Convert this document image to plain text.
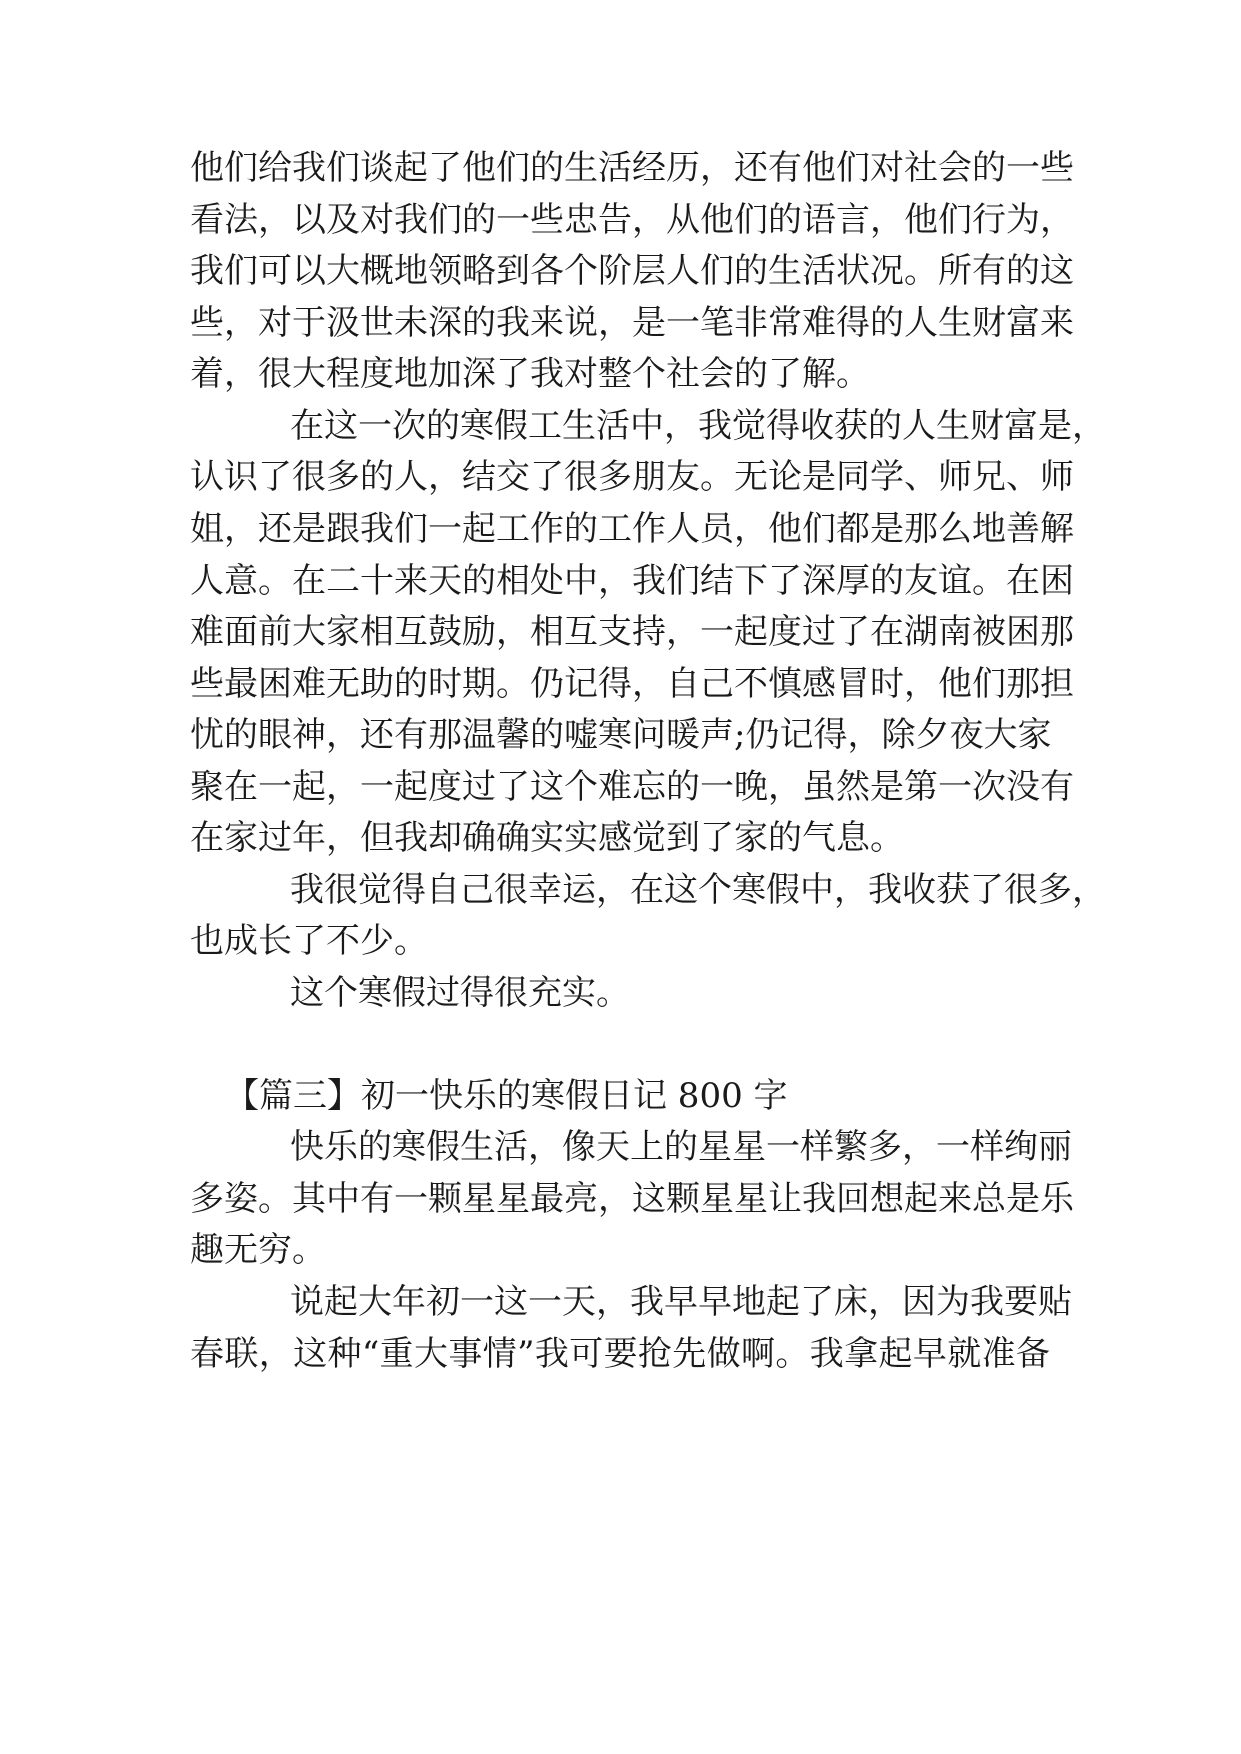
他们给我们谈起了他们的生活经历，还有他们对社会的一些
看法，以及对我们的一些忠告，从他们的语言，他们行为，
我们可以大概地领略到各个阶层人们的生活状况。所有的这
些，对于汲世未深的我来说，是一笔非常难得的人生财富来
着，很大程度地加深了我对整个社会的了解。
在这一次的寒假工生活中，我觉得收获的人生财富是，
认识了很多的人，结交了很多朋友。无论是同学、师兄、师
姐，还是跟我们一起工作的工作人员，他们都是那么地善解
人意。在二十来天的相处中，我们结下了深厚的友谊。在困
难面前大家相互鼓励，相互支持，一起度过了在湖南被困那
些最困难无助的时期。仍记得，自己不慎感冒时，他们那担
忧的眼神，还有那温馨的嘘寒问暖声;仍记得，除夕夜大家
聚在一起，一起度过了这个难忘的一晚，虽然是第一次没有
在家过年，但我却确确实实感觉到了家的气息。
我很觉得自己很幸运，在这个寒假中，我收获了很多，
也成长了不少。
这个寒假过得很充实。
【篇三】初一快乐的寒假日记 800 字
快乐的寒假生活，像天上的星星一样繁多，一样绚丽
多姿。其中有一颗星星最亮，这颗星星让我回想起来总是乐
趣无穷。
说起大年初一这一天，我早早地起了床，因为我要贴
春联，这种“重大事情”我可要抢先做啊。我拿起早就准备
